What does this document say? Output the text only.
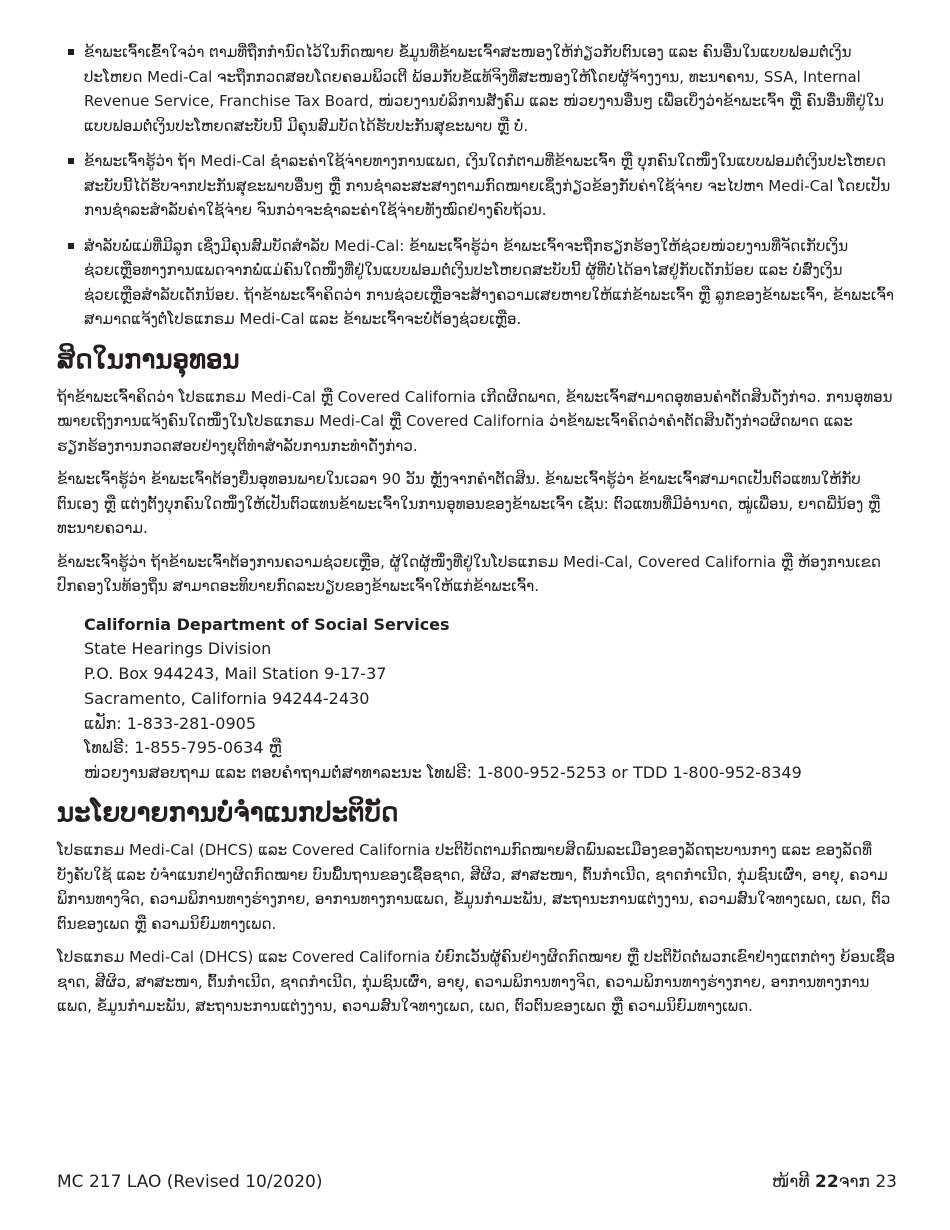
ຂ້າພະເຈົ້າເຂົ້າໃຈວ່າ ຕາມທີ່ຖືກກຳນົດໄວ້ໃນກົດໝາຍ ຂໍ້ມູນທີ່ຂ້າພະເຈົ້າສະໜອງໃຫ້ກ່ຽວກັບຕົນເອງ ແລະ ຄົນອື່ນໃນແບບຟອມຕໍ່ເງິນປະໂຫຍດ Medi-Cal ຈະຖືກກວດສອບໂດຍຄອມພິວເຕີ ພ້ອມກັບຂໍ້ແທ້ຈິງທີ່ສະໜອງໃຫ້ໂດຍຜູ້ຈ້າງງານ, ທະນາຄານ, SSA, Internal Revenue Service, Franchise Tax Board, ໜ່ວຍງານບໍລິການສັງຄົມ ແລະ ໜ່ວຍງານອື່ນໆ ເພື່ອເບິ່ງວ່າຂ້າພະເຈົ້າ ຫຼື ຄົນອື່ນທີ່ຢູ່ໃນແບບຟອມຕໍ່ເງິນປະໂຫຍດສະບັບນີ້ ມີຄຸນສົມບັດໄດ້ຮັບປະກັນສຸຂະພາບ ຫຼື ບໍ່.
ຂ້າພະເຈົ້າຮູ້ວ່າ ຖ້າ Medi-Cal ຊຳລະຄ່າໃຊ້ຈ່າຍທາງການແພດ, ເງິນໃດກໍຕາມທີ່ຂ້າພະເຈົ້າ ຫຼື ບຸກຄົນໃດໜຶ່ງໃນແບບຟອມຕໍ່ເງິນປະໂຫຍດສະບັບນີ້ໄດ້ຮັບຈາກປະກັນສຸຂະພາບອື່ນໆ ຫຼື ການຊຳລະສະສາງຕາມກົດໝາຍເຊິ່ງກ່ຽວຂ້ອງກັບຄ່າໃຊ້ຈ່າຍ ຈະໄປຫາ Medi-Cal ໂດຍເປັນການຊຳລະສຳລັບຄ່າໃຊ້ຈ່າຍ ຈົນກວ່າຈະຊຳລະຄ່າໃຊ້ຈ່າຍທັງໝົດຢ່າງຄົບຖ້ວນ.
ສຳລັບພໍ່ແມ່ທີ່ມີລູກ ເຊິ່ງມີຄຸນສົມບັດສຳລັບ Medi-Cal: ຂ້າພະເຈົ້າຮູ້ວ່າ ຂ້າພະເຈົ້າຈະຖືກຮຽກຮ້ອງໃຫ້ຊ່ວຍໜ່ວຍງານທີ່ຈັດເກັບເງິນຊ່ວຍເຫຼືອທາງການແພດຈາກພໍ່ແມ່ຄົນໃດໜຶ່ງທີ່ຢູ່ໃນແບບຟອມຕໍ່ເງິນປະໂຫຍດສະບັບນີ້ ຜູ້ທີ່ບໍ່ໄດ້ອາໄສຢູ່ກັບເດັກນ້ອຍ ແລະ ບໍ່ສົ່ງເງິນຊ່ວຍເຫຼືອສຳລັບເດັກນ້ອຍ. ຖ້າຂ້າພະເຈົ້າຄິດວ່າ ການຊ່ວຍເຫຼືອຈະສ້າງຄວາມເສຍຫາຍໃຫ້ແກ່ຂ້າພະເຈົ້າ ຫຼື ລູກຂອງຂ້າພະເຈົ້າ, ຂ້າພະເຈົ້າສາມາດແຈ້ງຕໍ່ໂປຣແກຣມ Medi-Cal ແລະ ຂ້າພະເຈົ້າຈະບໍ່ຕ້ອງຊ່ວຍເຫຼືອ.
ສິດໃນການອຸທອນ

ຖ້າຂ້າພະເຈົ້າຄິດວ່າ ໂປຣແກຣມ Medi-Cal ຫຼື Covered California ເກີດຜິດພາດ, ຂ້າພະເຈົ້າສາມາດອຸທອນຄຳຕັດສິນດັ່ງກ່າວ. ການອຸທອນໝາຍເຖິງການແຈ້ງຄົນໃດໜຶ່ງໃນໂປຣແກຣມ Medi-Cal ຫຼື Covered California ວ່າຂ້າພະເຈົ້າຄິດວ່າຄຳຕັດສິນດັ່ງກ່າວຜິດພາດ ແລະ ຮຽກຮ້ອງການກວດສອບຢ່າງຍຸຕິທຳສຳລັບການກະທຳດັ່ງກ່າວ.

ຂ້າພະເຈົ້າຮູ້ວ່າ ຂ້າພະເຈົ້າຕ້ອງຍື່ນອຸທອນພາຍໃນເວລາ 90 ວັນ ຫຼັງຈາກຄຳຕັດສິນ. ຂ້າພະເຈົ້າຮູ້ວ່າ ຂ້າພະເຈົ້າສາມາດເປັນຕົວແທນໃຫ້ກັບຕົນເອງ ຫຼື ແຕ່ງຕັ້ງບຸກຄົນໃດໜຶ່ງໃຫ້ເປັນຕົວແທນຂ້າພະເຈົ້າໃນການອຸທອນຂອງຂ້າພະເຈົ້າ ເຊັ່ນ: ຕົວແທນທີ່ມີອຳນາດ, ໝູ່ເພື່ອນ, ຍາດພີ່ນ້ອງ ຫຼື ທະນາຍຄວາມ.

ຂ້າພະເຈົ້າຮູ້ວ່າ ຖ້າຂ້າພະເຈົ້າຕ້ອງການຄວາມຊ່ວຍເຫຼືອ, ຜູ້ໃດຜູ້ໜຶ່ງທີ່ຢູ່ໃນໂປຣແກຣມ Medi-Cal, Covered California ຫຼື ຫ້ອງການເຂດປົກຄອງໃນທ້ອງຖິ່ນ ສາມາດອະທິບາຍກົດລະບຽບຂອງຂ້າພະເຈົ້າໃຫ້ແກ່ຂ້າພະເຈົ້າ.

California Department of Social Services
State Hearings Division
P.O. Box 944243, Mail Station 9-17-37
Sacramento, California 94244-2430
ແຟັກ: 1-833-281-0905
ໂທຟຣີ: 1-855-795-0634 ຫຼື
ໜ່ວຍງານສອບຖາມ ແລະ ຕອບຄຳຖາມຕໍ່ສາທາລະນະ ໂທຟຣີ: 1-800-952-5253 or TDD 1-800-952-8349
ນະໂຍບາຍການບໍ່ຈຳແນກປະຕິບັດ

ໂປຣແກຣມ Medi-Cal (DHCS) ແລະ Covered California ປະຕິບັດຕາມກົດໝາຍສິດພົນລະເມືອງຂອງລັດຖະບານກາງ ແລະ ຂອງລັດທີ່ບັງຄັບໃຊ້ ແລະ ບໍ່ຈຳແນກຢ່າງຜິດກົດໝາຍ ບົນພື້ນຖານຂອງເຊື້ອຊາດ, ສີຜິວ, ສາສະໜາ, ຕົ້ນກຳເນີດ, ຊາດກຳເນີດ, ກຸ່ມຊົນເຜົ່າ, ອາຍຸ, ຄວາມພິການທາງຈິດ, ຄວາມພິການທາງຮ່າງກາຍ, ອາການທາງການແພດ, ຂໍ້ມູນກຳມະພັນ, ສະຖານະການແຕ່ງງານ, ຄວາມສົນໃຈທາງເພດ, ເພດ, ຕົວຕົນຂອງເພດ ຫຼື ຄວາມນິຍົມທາງເພດ.

ໂປຣແກຣມ Medi-Cal (DHCS) ແລະ Covered California ບໍ່ຍົກເວັ້ນຜູ້ຄົນຢ່າງຜິດກົດໝາຍ ຫຼື ປະຕິບັດຕໍ່ພວກເຂົາຢ່າງແຕກຕ່າງ ຍ້ອນເຊື້ອຊາດ, ສີຜິວ, ສາສະໜາ, ຕົ້ນກຳເນີດ, ຊາດກຳເນີດ, ກຸ່ມຊົນເຜົ່າ, ອາຍຸ, ຄວາມພິການທາງຈິດ, ຄວາມພິການທາງຮ່າງກາຍ, ອາການທາງການແພດ, ຂໍ້ມູນກຳມະພັນ, ສະຖານະການແຕ່ງງານ, ຄວາມສົນໃຈທາງເພດ, ເພດ, ຕົວຕົນຂອງເພດ ຫຼື ຄວາມນິຍົມທາງເພດ.

MC 217 LAO (Revised 10/2020)	ໜ້າທີ 22ຈາກ 23
